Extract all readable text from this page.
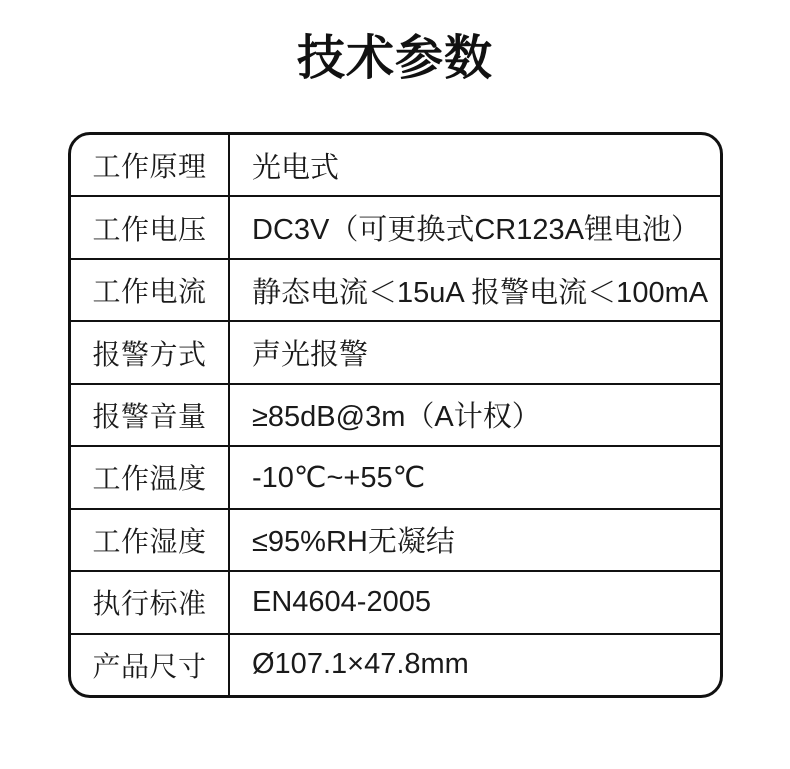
技术参数
工作原理	光电式
工作电压	DC3V（可更换式CR123A锂电池）
工作电流	静态电流＜15uA 报警电流＜100mA
报警方式	声光报警
报警音量	≥85dB@3m（A计权）
工作温度	-10℃~+55℃
工作湿度	≤95%RH无凝结
执行标准	EN4604-2005
产品尺寸	Ø107.1×47.8mm
